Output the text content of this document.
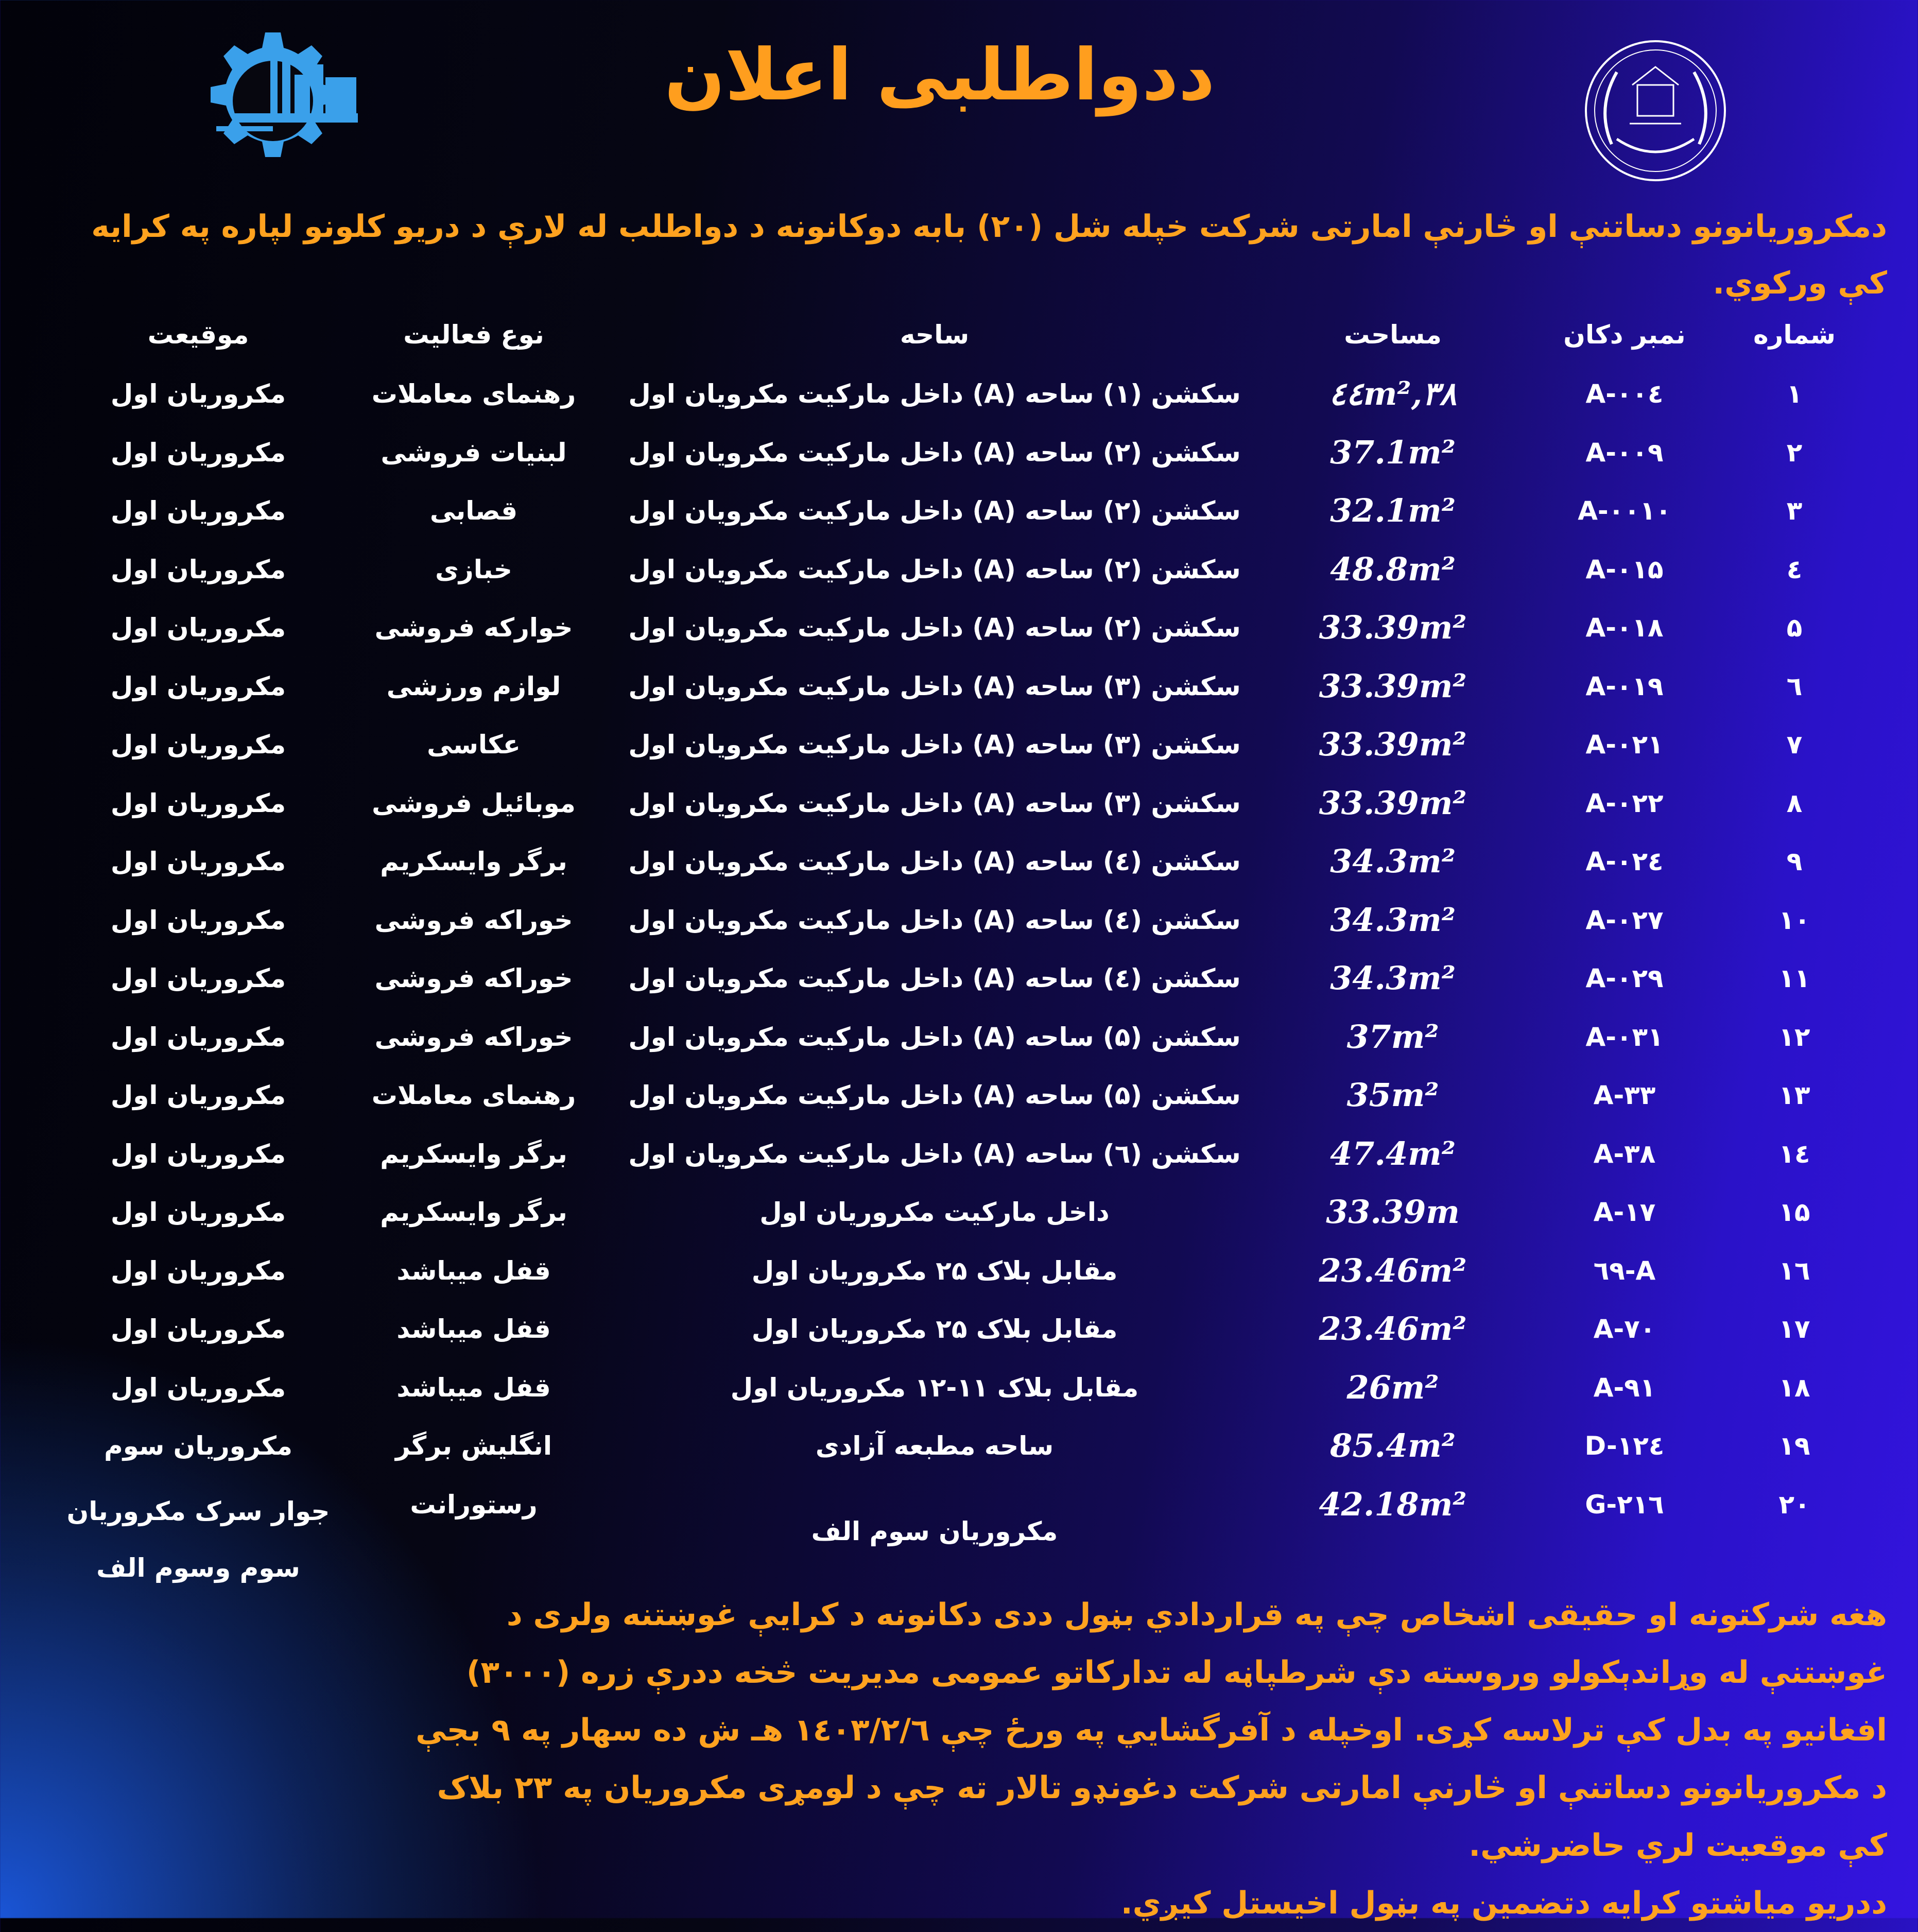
ددواطلبی اعلان
دمکروریانونو دساتنې او څارنې امارتی شرکت خپله شل (۲۰) بابه دوکانونه د دواطلب له لارې د دریو کلونو لپاره په کرایه کې ورکوي.
شماره
نمبر دکان
مساحت
ساحه
نوع فعالیت
موقیعت
۱
A-۰۰٤
۳۸,٤٤m²
سکشن (۱) ساحه (A) داخل مارکیت مکرویان اول
رهنمای معاملات
مکروریان اول
۲
A-۰۰۹
37.1m²
سکشن (۲) ساحه (A) داخل مارکیت مکرویان اول
لبنیات فروشی
مکروریان اول
۳
A-۰۰۱۰
32.1m²
سکشن (۲) ساحه (A) داخل مارکیت مکرویان اول
قصابی
مکروریان اول
٤
A-۰۱۵
48.8m²
سکشن (۲) ساحه (A) داخل مارکیت مکرویان اول
خبازی
مکروریان اول
۵
A-۰۱۸
33.39m²
سکشن (۲) ساحه (A) داخل مارکیت مکرویان اول
خوارکه فروشی
مکروریان اول
٦
A-۰۱۹
33.39m²
سکشن (۳) ساحه (A) داخل مارکیت مکرویان اول
لوازم ورزشی
مکروریان اول
۷
A-۰۲۱
33.39m²
سکشن (۳) ساحه (A) داخل مارکیت مکرویان اول
عکاسی
مکروریان اول
۸
A-۰۲۲
33.39m²
سکشن (۳) ساحه (A) داخل مارکیت مکرویان اول
موبائیل فروشی
مکروریان اول
۹
A-۰۲٤
34.3m²
سکشن (٤) ساحه (A) داخل مارکیت مکرویان اول
برگر وایسکریم
مکروریان اول
۱۰
A-۰۲۷
34.3m²
سکشن (٤) ساحه (A) داخل مارکیت مکرویان اول
خوراکه فروشی
مکروریان اول
۱۱
A-۰۲۹
34.3m²
سکشن (٤) ساحه (A) داخل مارکیت مکرویان اول
خوراکه فروشی
مکروریان اول
۱۲
A-۰۳۱
37m²
سکشن (۵) ساحه (A) داخل مارکیت مکرویان اول
خوراکه فروشی
مکروریان اول
۱۳
A-۳۳
35m²
سکشن (۵) ساحه (A) داخل مارکیت مکرویان اول
رهنمای معاملات
مکروریان اول
۱٤
A-۳۸
47.4m²
سکشن (٦) ساحه (A) داخل مارکیت مکرویان اول
برگر وایسکریم
مکروریان اول
۱۵
A-۱۷
33.39m
داخل مارکیت مکروریان اول
برگر وایسکریم
مکروریان اول
۱٦
A-٦۹
23.46m²
مقابل بلاک ۲۵ مکروریان اول
قفل میباشد
مکروریان اول
۱۷
A-۷۰
23.46m²
مقابل بلاک ۲۵ مکروریان اول
قفل میباشد
مکروریان اول
۱۸
A-۹۱
26m²
مقابل بلاک ۱۱-۱۲ مکروریان اول
قفل میباشد
مکروریان اول
۱۹
D-۱۲٤
85.4m²
ساحه مطبعه آزادی
انگلیش برگر
مکروریان سوم
۲۰
G-۲۱٦
42.18m²
مکروریان سوم الف
رستورانت
جوار سرک مکروریان سوم وسوم الف
هغه شرکتونه او حقیقی اشخاص چې په قراردادي بڼول ددی دکانونه د کرایې غوښتنه ولری د
غوښتنې له وړاندېکولو وروسته دې شرطپاڼه له تدارکاتو عمومی مدیریت څخه ددرې زره (۳۰۰۰)
افغانیو په بدل کې ترلاسه کړی. اوخپله د آفرگشایي په ورځ چې ۱٤۰۳/۲/٦ هـ ش ده سهار په ۹ بجې
د مکروریانونو دساتنې او څارنې امارتی شرکت دغونډو تالار ته چې د لومړی مکروریان په ۲۳ بلاک
کې موقعیت لري حاضرشي.
ددریو میاشتو کرایه دتضمین په بڼول اخیستل کیږي.
